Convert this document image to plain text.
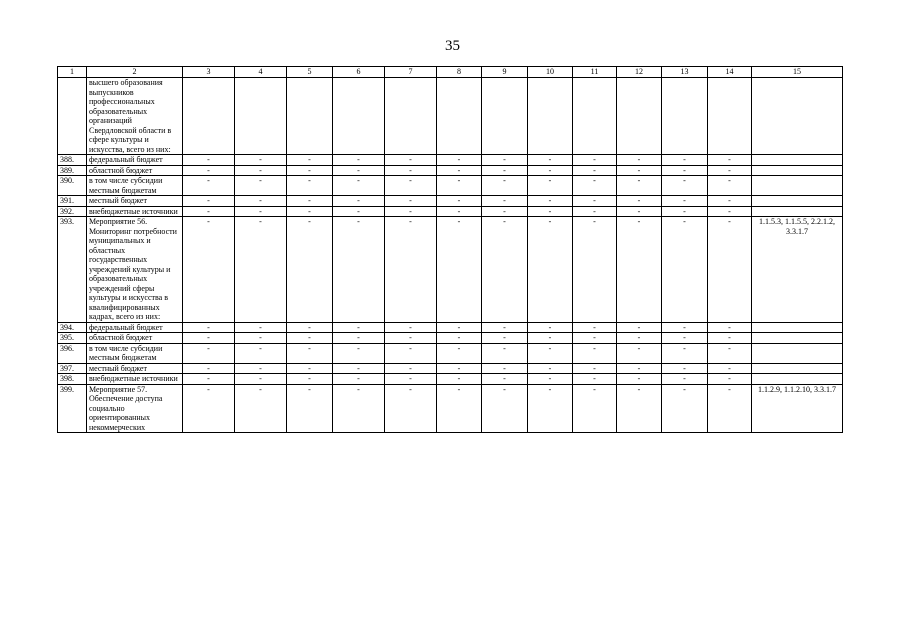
35
1	2	3	4	5	6	7	8	9	10	11	12	13	14	15
	высшего образования выпускников профессиональных образовательных организаций Свердловской области в сфере культуры и искусства, всего из них:													
388.	федеральный бюджет	-	-	-	-	-	-	-	-	-	-	-	-	
389.	областной бюджет	-	-	-	-	-	-	-	-	-	-	-	-	
390.	в том числе субсидии местным бюджетам	-	-	-	-	-	-	-	-	-	-	-	-	
391.	местный бюджет	-	-	-	-	-	-	-	-	-	-	-	-	
392.	внебюджетные источники	-	-	-	-	-	-	-	-	-	-	-	-	
393.	Мероприятие 56. Мониторинг потребности муниципальных и областных государственных учреждений культуры и образовательных учреждений сферы культуры и искусства в квалифицированных кадрах, всего из них:	-	-	-	-	-	-	-	-	-	-	-	-	1.1.5.3, 1.1.5.5, 2.2.1.2, 3.3.1.7
394.	федеральный бюджет	-	-	-	-	-	-	-	-	-	-	-	-	
395.	областной бюджет	-	-	-	-	-	-	-	-	-	-	-	-	
396.	в том числе субсидии местным бюджетам	-	-	-	-	-	-	-	-	-	-	-	-	
397.	местный бюджет	-	-	-	-	-	-	-	-	-	-	-	-	
398.	внебюджетные источники	-	-	-	-	-	-	-	-	-	-	-	-	
399.	Мероприятие 57. Обеспечение доступа социально ориентированных некоммерческих	-	-	-	-	-	-	-	-	-	-	-	-	1.1.2.9, 1.1.2.10, 3.3.1.7
